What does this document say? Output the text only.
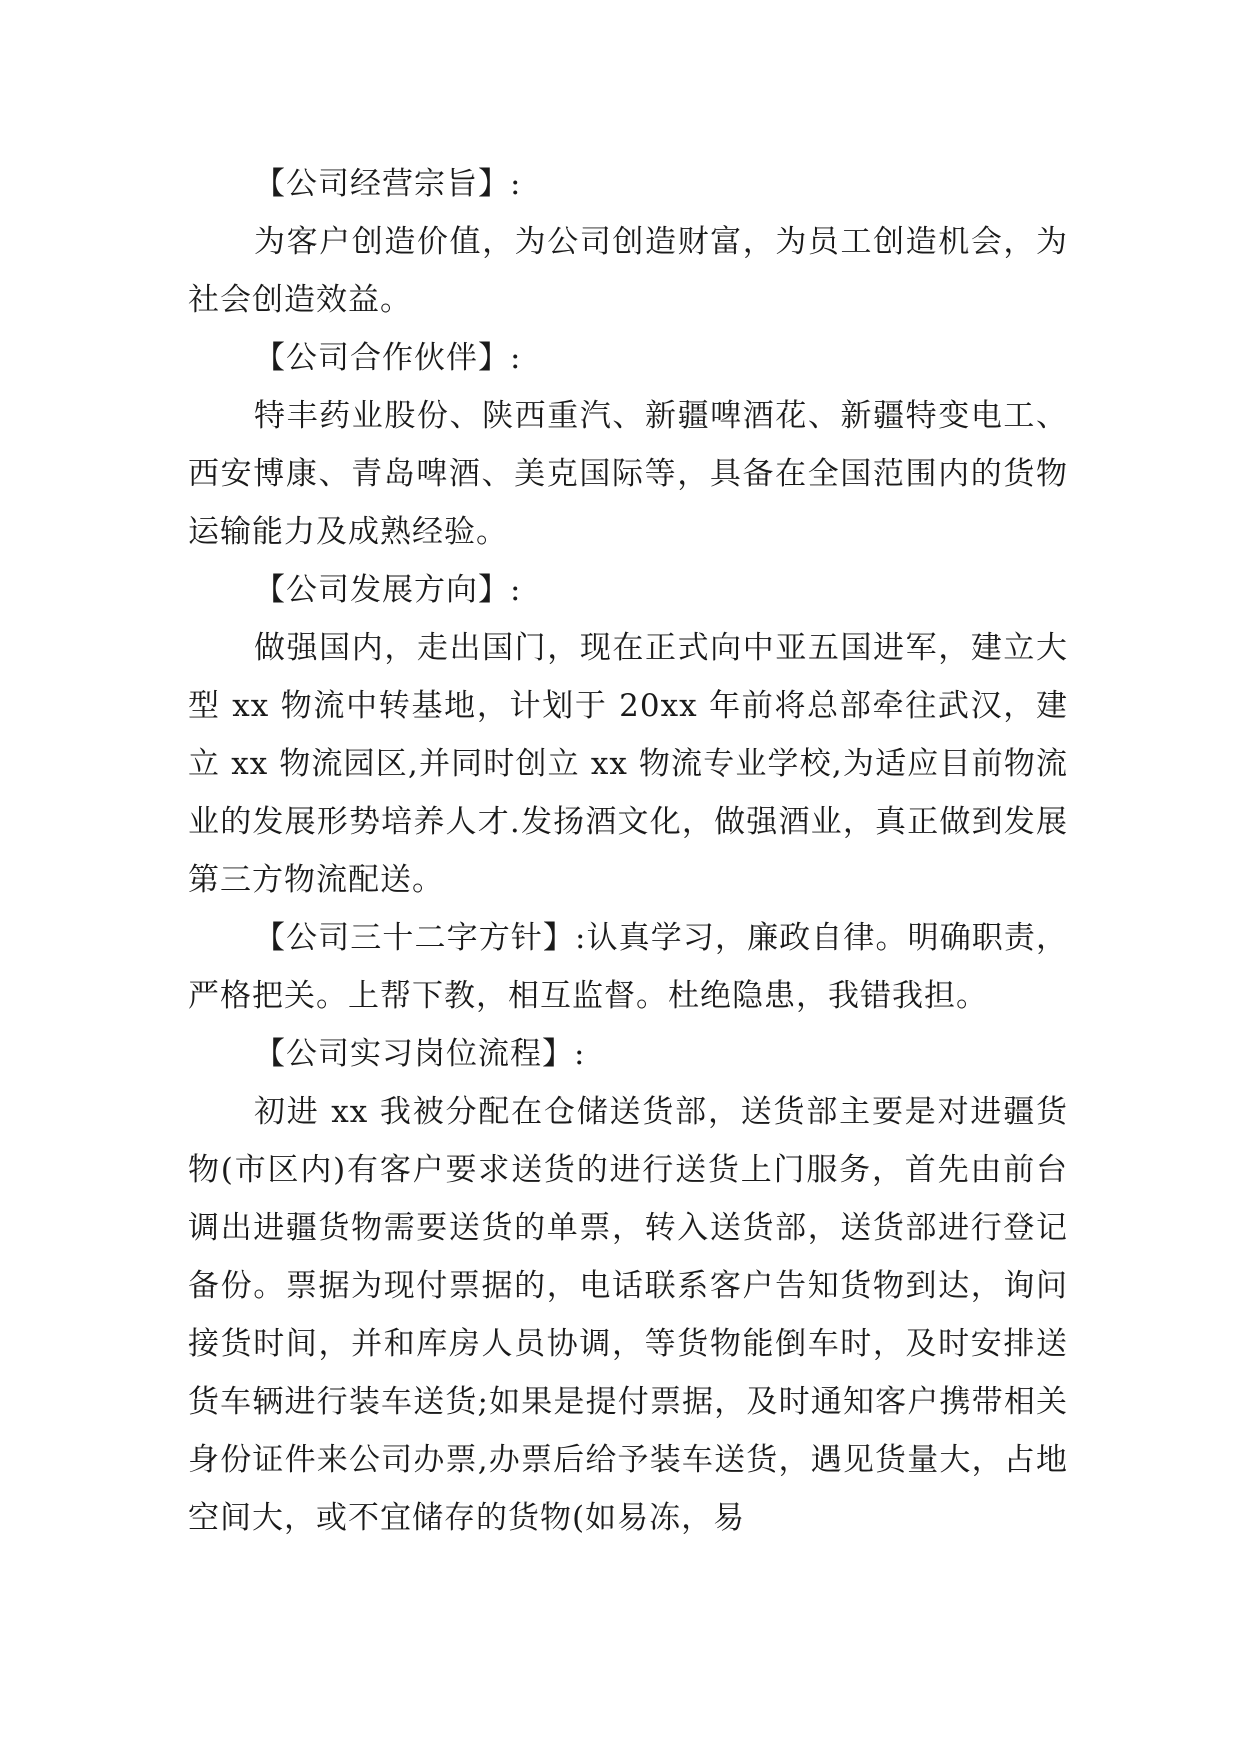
【公司经营宗旨】:

为客户创造价值，为公司创造财富，为员工创造机会，为社会创造效益。

【公司合作伙伴】:

特丰药业股份、陕西重汽、新疆啤酒花、新疆特变电工、西安博康、青岛啤酒、美克国际等，具备在全国范围内的货物运输能力及成熟经验。

【公司发展方向】:

做强国内，走出国门，现在正式向中亚五国进军，建立大型 xx 物流中转基地，计划于 20xx 年前将总部牵往武汉，建立 xx 物流园区,并同时创立 xx 物流专业学校,为适应目前物流业的发展形势培养人才.发扬酒文化，做强酒业，真正做到发展第三方物流配送。

【公司三十二字方针】:认真学习，廉政自律。明确职责，严格把关。上帮下教，相互监督。杜绝隐患，我错我担。

【公司实习岗位流程】:

初进 xx 我被分配在仓储送货部，送货部主要是对进疆货物(市区内)有客户要求送货的进行送货上门服务，首先由前台调出进疆货物需要送货的单票，转入送货部，送货部进行登记备份。票据为现付票据的，电话联系客户告知货物到达，询问接货时间，并和库房人员协调，等货物能倒车时，及时安排送货车辆进行装车送货;如果是提付票据，及时通知客户携带相关身份证件来公司办票,办票后给予装车送货，遇见货量大，占地空间大，或不宜储存的货物(如易冻，易
